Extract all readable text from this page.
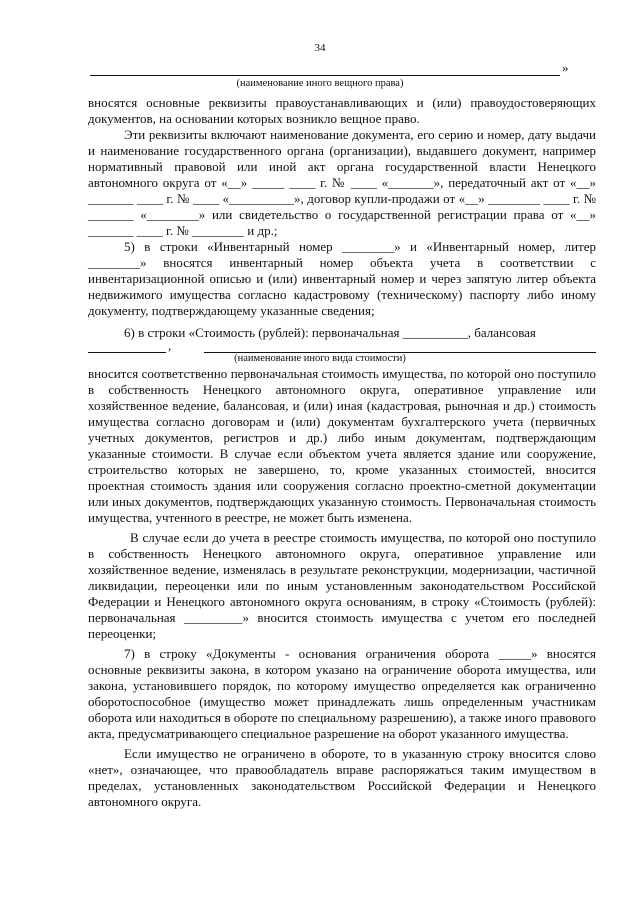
34
»
(наименование иного вещного права)

вносятся основные реквизиты правоустанавливающих и (или) правоудостоверяющих документов, на основании которых возникло вещное право.

Эти реквизиты включают наименование документа, его серию и номер, дату выдачи и наименование государственного органа (организации), выдавшего документ, например нормативный правовой или иной акт органа государственной власти Ненецкого автономного округа от «__» _____ ____ г. № ____ «_______», передаточный акт от «__» _______ ____ г. № ____ «__________», договор купли-продажи от «__» ________ ____ г. № _______ «________» или свидетельство о государственной регистрации права от «__» _______ ____ г. № ________ и др.;

5) в строки «Инвентарный номер ________» и «Инвентарный номер, литер ________» вносятся инвентарный номер объекта учета в соответствии с инвентаризационной описью и (или) инвентарный номер и через запятую литер объекта недвижимого имущества согласно кадастровому (техническому) паспорту либо иному документу, подтверждающему указанные сведения;

6) в строки «Стоимость (рублей): первоначальная __________, балансовая

,
(наименование иного вида стоимости)

вносится соответственно первоначальная стоимость имущества, по которой оно поступило в собственность Ненецкого автономного округа, оперативное управление или хозяйственное ведение, балансовая, и (или) иная (кадастровая, рыночная и др.) стоимость имущества согласно договорам и (или) документам бухгалтерского учета (первичных учетных документов, регистров и др.) либо иным документам, подтверждающим указанные стоимости. В случае если объектом учета является здание или сооружение, строительство которых не завершено, то, кроме указанных стоимостей, вносится проектная стоимость здания или сооружения согласно проектно-сметной документации или иных документов, подтверждающих указанную стоимость. Первоначальная стоимость имущества, учтенного в реестре, не может быть изменена.

В случае если до учета в реестре стоимость имущества, по которой оно поступило в собственность Ненецкого автономного округа, оперативное управление или хозяйственное ведение, изменялась в результате реконструкции, модернизации, частичной ликвидации, переоценки или по иным установленным законодательством Российской Федерации и Ненецкого автономного округа основаниям, в строку «Стоимость (рублей): первоначальная _________» вносится стоимость имущества с учетом его последней переоценки;

7) в строку «Документы - основания ограничения оборота _____» вносятся основные реквизиты закона, в котором указано на ограничение оборота имущества, или закона, установившего порядок, по которому имущество определяется как ограниченно оборотоспособное (имущество может принадлежать лишь определенным участникам оборота или находиться в обороте по специальному разрешению), а также иного правового акта, предусматривающего специальное разрешение на оборот указанного имущества.

Если имущество не ограничено в обороте, то в указанную строку вносится слово «нет», означающее, что правообладатель вправе распоряжаться таким имуществом в пределах, установленных законодательством Российской Федерации и Ненецкого автономного округа.
